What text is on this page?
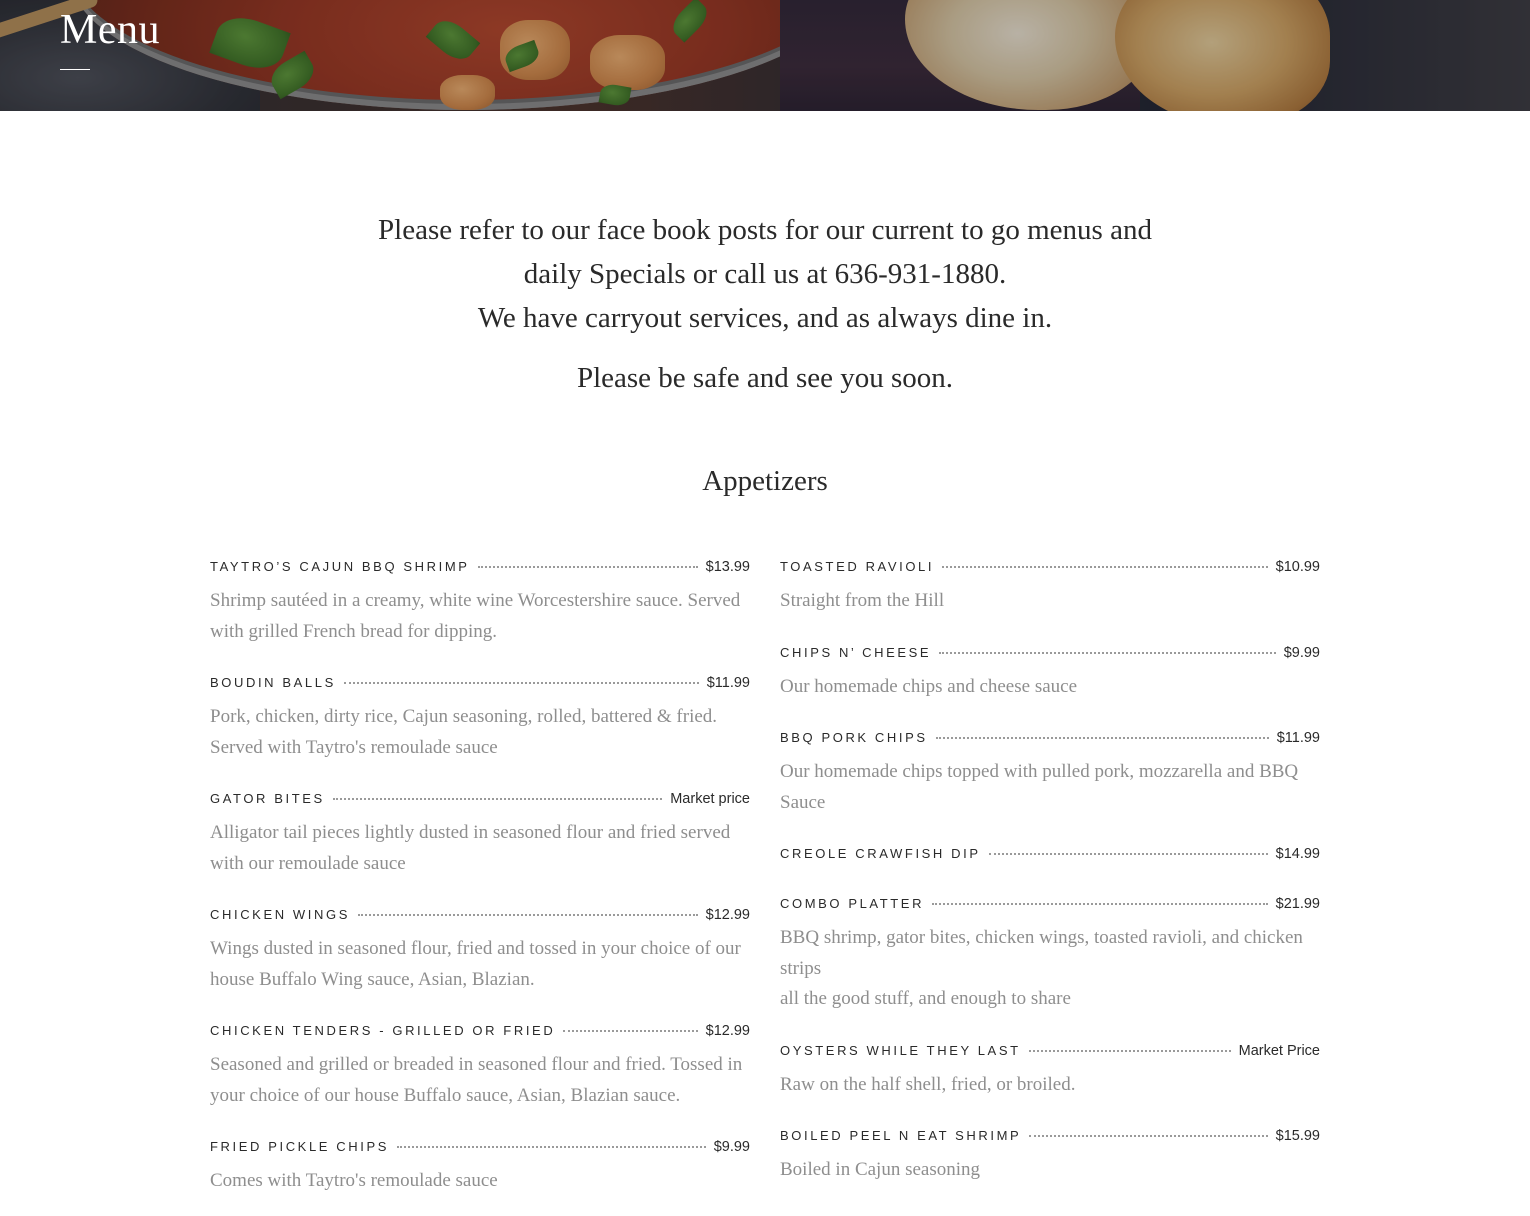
Menu

Please refer to our face book posts for our current to go menus and daily Specials or call us at 636-931-1880.

We have carryout services, and as always dine in.

Please be safe and see you soon.

Appetizers
TAYTRO’S CAJUN BBQ SHRIMP	$13.99

Shrimp sautéed in a creamy, white wine Worcestershire sauce. Served with grilled French bread for dipping.

BOUDIN BALLS	$11.99

Pork, chicken, dirty rice, Cajun seasoning, rolled, battered & fried. Served with Taytro's remoulade sauce

GATOR BITES	Market price

Alligator tail pieces lightly dusted in seasoned flour and fried served with our remoulade sauce

CHICKEN WINGS	$12.99

Wings dusted in seasoned flour, fried and tossed in your choice of our house Buffalo Wing sauce, Asian, Blazian.

CHICKEN TENDERS - GRILLED OR FRIED	$12.99

Seasoned and grilled or breaded in seasoned flour and fried. Tossed in your choice of our house Buffalo sauce, Asian, Blazian sauce.

FRIED PICKLE CHIPS	$9.99

Comes with Taytro's remoulade sauce

TOASTED RAVIOLI	$10.99

Straight from the Hill

CHIPS N’ CHEESE	$9.99

Our homemade chips and cheese sauce

BBQ PORK CHIPS	$11.99

Our homemade chips topped with pulled pork, mozzarella and BBQ Sauce

CREOLE CRAWFISH DIP	$14.99
COMBO PLATTER	$21.99

BBQ shrimp, gator bites, chicken wings, toasted ravioli, and chicken strips

all the good stuff, and enough to share

OYSTERS WHILE THEY LAST	Market Price

Raw on the half shell, fried, or broiled.

BOILED PEEL N EAT SHRIMP	$15.99

Boiled in Cajun seasoning
